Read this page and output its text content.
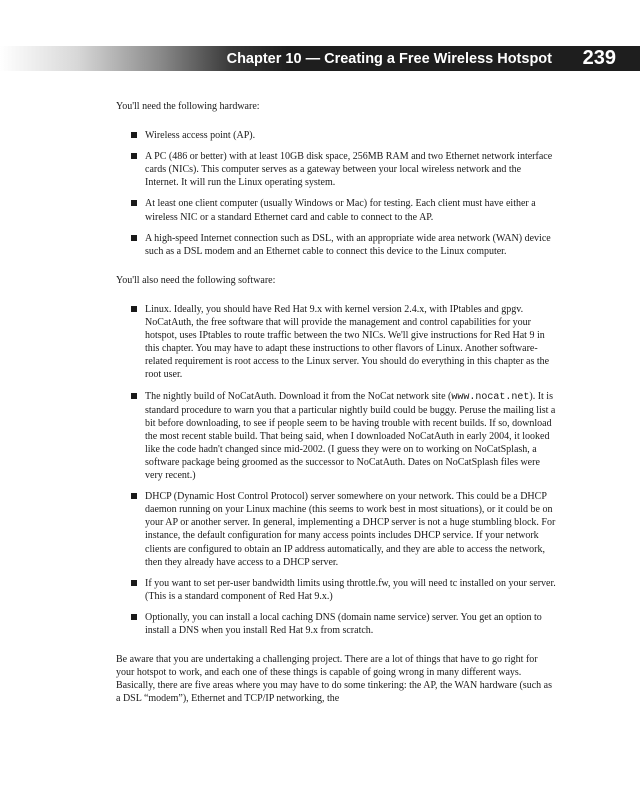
Chapter 10 — Creating a Free Wireless Hotspot 239

You'll need the following hardware:

Wireless access point (AP).
A PC (486 or better) with at least 10GB disk space, 256MB RAM and two Ethernet network interface cards (NICs). This computer serves as a gateway between your local wireless network and the Internet. It will run the Linux operating system.
At least one client computer (usually Windows or Mac) for testing. Each client must have either a wireless NIC or a standard Ethernet card and cable to connect to the AP.
A high-speed Internet connection such as DSL, with an appropriate wide area network (WAN) device such as a DSL modem and an Ethernet cable to connect this device to the Linux computer.

You'll also need the following software:

Linux. Ideally, you should have Red Hat 9.x with kernel version 2.4.x, with IPtables and gpgv. NoCatAuth, the free software that will provide the management and control capabilities for your hotspot, uses IPtables to route traffic between the two NICs. We'll give instructions for Red Hat 9 in this chapter. You may have to adapt these instructions to other flavors of Linux. Another software-related requirement is root access to the Linux server. You should do everything in this chapter as the root user.
The nightly build of NoCatAuth. Download it from the NoCat network site (www.nocat.net). It is standard procedure to warn you that a particular nightly build could be buggy. Peruse the mailing list a bit before downloading, to see if people seem to be having trouble with recent builds. If so, download the most recent stable build. That being said, when I downloaded NoCatAuth in early 2004, it looked like the code hadn't changed since mid-2002. (I guess they were on to working on NoCatSplash, a software package being groomed as the successor to NoCatAuth. Dates on NoCatSplash files were very recent.)
DHCP (Dynamic Host Control Protocol) server somewhere on your network. This could be a DHCP daemon running on your Linux machine (this seems to work best in most situations), or it could be on your AP or another server. In general, implementing a DHCP server is not a huge stumbling block. For instance, the default configuration for many access points includes DHCP service. If your network clients are configured to obtain an IP address automatically, and they are able to access the network, then they already have access to a DHCP server.
If you want to set per-user bandwidth limits using throttle.fw, you will need tc installed on your server. (This is a standard component of Red Hat 9.x.)
Optionally, you can install a local caching DNS (domain name service) server. You get an option to install a DNS when you install Red Hat 9.x from scratch.

Be aware that you are undertaking a challenging project. There are a lot of things that have to go right for your hotspot to work, and each one of these things is capable of going wrong in many different ways. Basically, there are five areas where you may have to do some tinkering: the AP, the WAN hardware (such as a DSL “modem”), Ethernet and TCP/IP networking, the
